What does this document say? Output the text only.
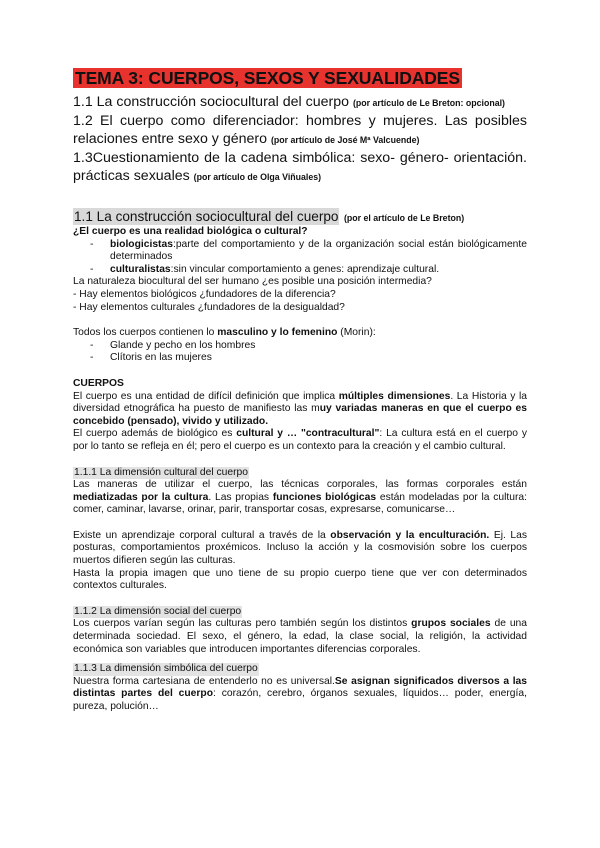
TEMA 3: CUERPOS, SEXOS Y SEXUALIDADES

1.1 La construcción sociocultural del cuerpo (por artículo de Le Breton: opcional)

1.2 El cuerpo como diferenciador: hombres y mujeres. Las posibles relaciones entre sexo y género (por artículo de José Mª Valcuende)

1.3Cuestionamiento de la cadena simbólica: sexo- género- orientación. prácticas sexuales (por artículo de Olga Viñuales)

1.1 La construcción sociocultural del cuerpo (por el artículo de Le Breton)

¿El cuerpo es una realidad biológica o cultural?

- biologicistas:parte del comportamiento y de la organización social están biológicamente determinados
- culturalistas:sin vincular comportamiento a genes: aprendizaje cultural.

La naturaleza biocultural del ser humano ¿es posible una posición intermedia?

- Hay elementos biológicos ¿fundadores de la diferencia?

- Hay elementos culturales ¿fundadores de la desigualdad?

Todos los cuerpos contienen lo masculino y lo femenino (Morin):

- Glande y pecho en los hombres
- Clítoris en las mujeres

CUERPOS

El cuerpo es una entidad de difícil definición que implica múltiples dimensiones. La Historia y la diversidad etnográfica ha puesto de manifiesto las muy variadas maneras en que el cuerpo es concebido (pensado), vivido y utilizado.

El cuerpo además de biológico es cultural y … "contracultural": La cultura está en el cuerpo y por lo tanto se refleja en él; pero el cuerpo es un contexto para la creación y el cambio cultural.

1.1.1 La dimensión cultural del cuerpo

Las maneras de utilizar el cuerpo, las técnicas corporales, las formas corporales están mediatizadas por la cultura. Las propias funciones biológicas están modeladas por la cultura: comer, caminar, lavarse, orinar, parir, transportar cosas, expresarse, comunicarse…

Existe un aprendizaje corporal cultural a través de la observación y la enculturación. Ej. Las posturas, comportamientos proxémicos. Incluso la acción y la cosmovisión sobre los cuerpos muertos difieren según las culturas.

Hasta la propia imagen que uno tiene de su propio cuerpo tiene que ver con determinados contextos culturales.

1.1.2 La dimensión social del cuerpo

Los cuerpos varían según las culturas pero también según los distintos grupos sociales de una determinada sociedad. El sexo, el género, la edad, la clase social, la religión, la actividad económica son variables que introducen importantes diferencias corporales.

1.1.3 La dimensión simbólica del cuerpo

Nuestra forma cartesiana de entenderlo no es universal.Se asignan significados diversos a las distintas partes del cuerpo: corazón, cerebro, órganos sexuales, líquidos… poder, energía, pureza, polución…
